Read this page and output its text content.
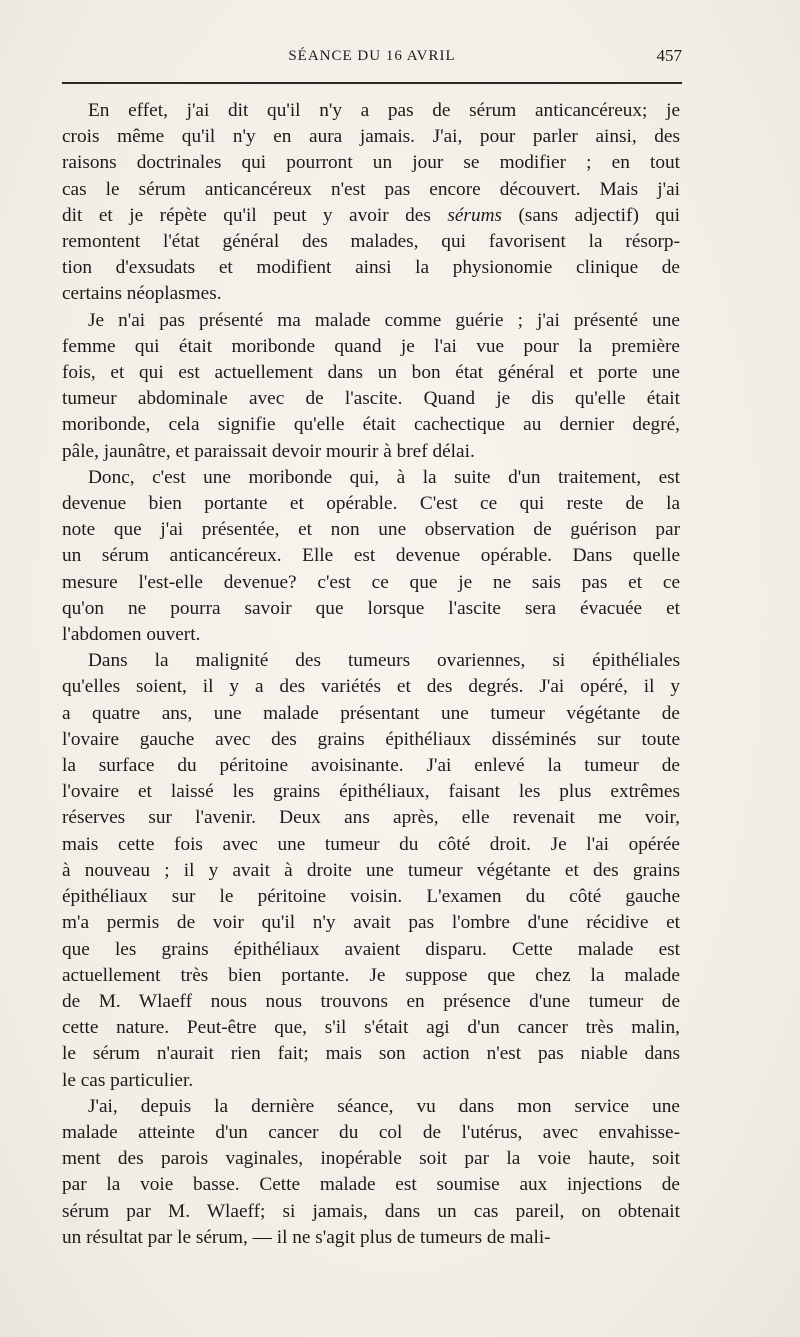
SÉANCE DU 16 AVRIL	457
En effet, j'ai dit qu'il n'y a pas de sérum anticancéreux; je
crois même qu'il n'y en aura jamais. J'ai, pour parler ainsi, des
raisons doctrinales qui pourront un jour se modifier ; en tout
cas le sérum anticancéreux n'est pas encore découvert. Mais j'ai
dit et je répète qu'il peut y avoir des sérums (sans adjectif) qui
remontent l'état général des malades, qui favorisent la résorp-
tion d'exsudats et modifient ainsi la physionomie clinique de
certains néoplasmes.
Je n'ai pas présenté ma malade comme guérie ; j'ai présenté une
femme qui était moribonde quand je l'ai vue pour la première
fois, et qui est actuellement dans un bon état général et porte une
tumeur abdominale avec de l'ascite. Quand je dis qu'elle était
moribonde, cela signifie qu'elle était cachectique au dernier degré,
pâle, jaunâtre, et paraissait devoir mourir à bref délai.
Donc, c'est une moribonde qui, à la suite d'un traitement, est
devenue bien portante et opérable. C'est ce qui reste de la
note que j'ai présentée, et non une observation de guérison par
un sérum anticancéreux. Elle est devenue opérable. Dans quelle
mesure l'est-elle devenue? c'est ce que je ne sais pas et ce
qu'on ne pourra savoir que lorsque l'ascite sera évacuée et
l'abdomen ouvert.
Dans la malignité des tumeurs ovariennes, si épithéliales
qu'elles soient, il y a des variétés et des degrés. J'ai opéré, il y
a quatre ans, une malade présentant une tumeur végétante de
l'ovaire gauche avec des grains épithéliaux disséminés sur toute
la surface du péritoine avoisinante. J'ai enlevé la tumeur de
l'ovaire et laissé les grains épithéliaux, faisant les plus extrêmes
réserves sur l'avenir. Deux ans après, elle revenait me voir,
mais cette fois avec une tumeur du côté droit. Je l'ai opérée
à nouveau ; il y avait à droite une tumeur végétante et des grains
épithéliaux sur le péritoine voisin. L'examen du côté gauche
m'a permis de voir qu'il n'y avait pas l'ombre d'une récidive et
que les grains épithéliaux avaient disparu. Cette malade est
actuellement très bien portante. Je suppose que chez la malade
de M. Wlaeff nous nous trouvons en présence d'une tumeur de
cette nature. Peut-être que, s'il s'était agi d'un cancer très malin,
le sérum n'aurait rien fait; mais son action n'est pas niable dans
le cas particulier.
J'ai, depuis la dernière séance, vu dans mon service une
malade atteinte d'un cancer du col de l'utérus, avec envahisse-
ment des parois vaginales, inopérable soit par la voie haute, soit
par la voie basse. Cette malade est soumise aux injections de
sérum par M. Wlaeff; si jamais, dans un cas pareil, on obtenait
un résultat par le sérum, — il ne s'agit plus de tumeurs de mali-
